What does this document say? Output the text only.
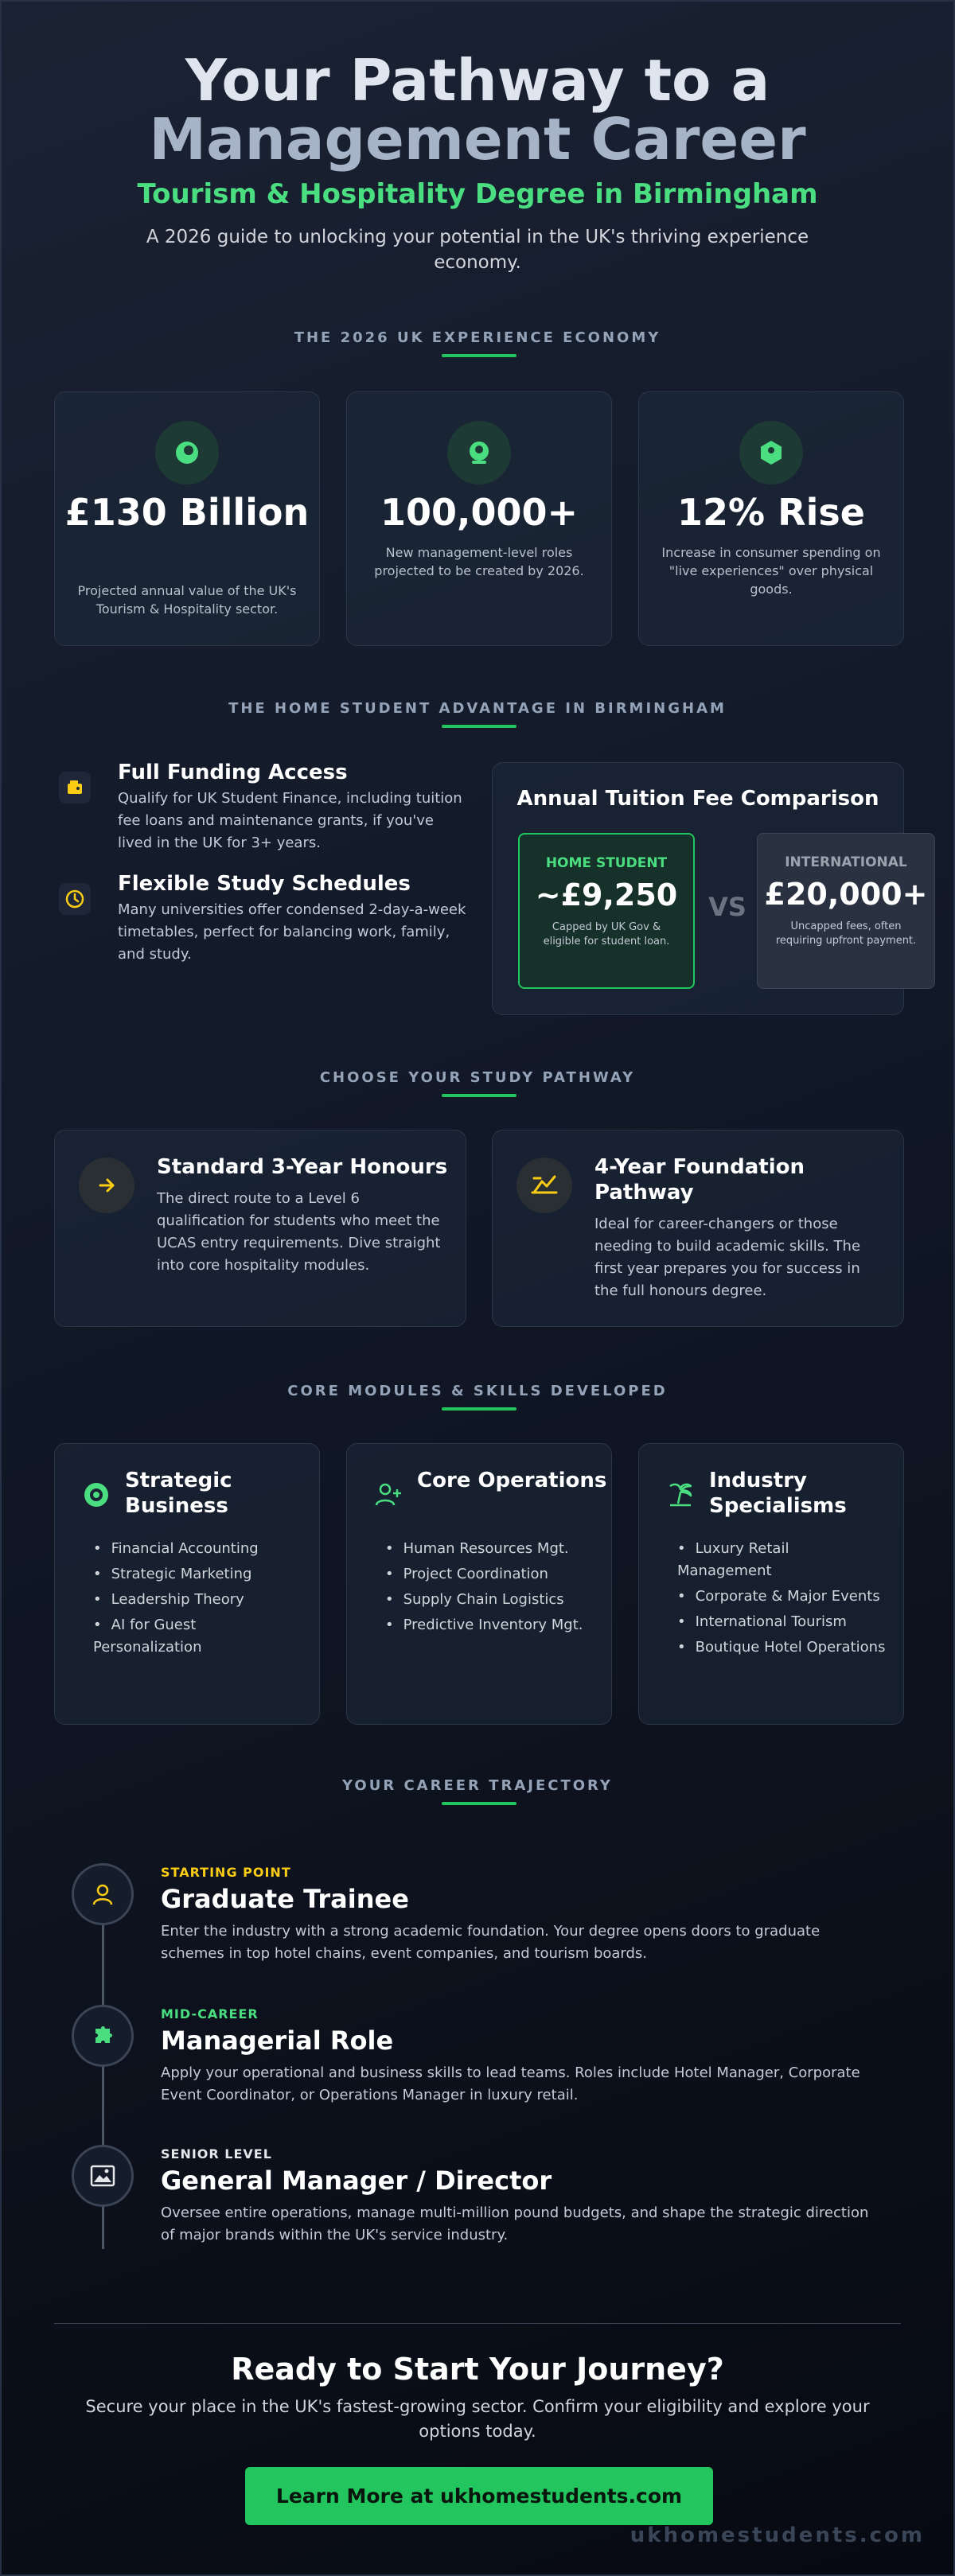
Your Pathway to a
Management Career
Tourism & Hospitality Degree in Birmingham
A 2026 guide to unlocking your potential in the UK's thriving experience economy.
THE 2026 UK EXPERIENCE ECONOMY
£130 Billion
Projected annual value of the UK's Tourism & Hospitality sector.
100,000+
New management-level roles projected to be created by 2026.
12% Rise
Increase in consumer spending on "live experiences" over physical goods.
THE HOME STUDENT ADVANTAGE IN BIRMINGHAM
Full Funding Access
Qualify for UK Student Finance, including tuition fee loans and maintenance grants, if you've lived in the UK for 3+ years.
Flexible Study Schedules
Many universities offer condensed 2-day-a-week timetables, perfect for balancing work, family, and study.
Annual Tuition Fee Comparison
HOME STUDENT
~£9,250
Capped by UK Gov & eligible for student loan.
VS
INTERNATIONAL
£20,000+
Uncapped fees, often requiring upfront payment.
CHOOSE YOUR STUDY PATHWAY
Standard 3-Year Honours
The direct route to a Level 6 qualification for students who meet the UCAS entry requirements. Dive straight into core hospitality modules.
4-Year Foundation Pathway
Ideal for career-changers or those needing to build academic skills. The first year prepares you for success in the full honours degree.
CORE MODULES & SKILLS DEVELOPED
Strategic Business
• Financial Accounting
• Strategic Marketing
• Leadership Theory
• AI for Guest Personalization
Core Operations
• Human Resources Mgt.
• Project Coordination
• Supply Chain Logistics
• Predictive Inventory Mgt.
Industry Specialisms
• Luxury Retail Management
• Corporate & Major Events
• International Tourism
• Boutique Hotel Operations
YOUR CAREER TRAJECTORY
STARTING POINT
Graduate Trainee
Enter the industry with a strong academic foundation. Your degree opens doors to graduate schemes in top hotel chains, event companies, and tourism boards.
MID-CAREER
Managerial Role
Apply your operational and business skills to lead teams. Roles include Hotel Manager, Corporate Event Coordinator, or Operations Manager in luxury retail.
SENIOR LEVEL
General Manager / Director
Oversee entire operations, manage multi-million pound budgets, and shape the strategic direction of major brands within the UK's service industry.
Ready to Start Your Journey?
Secure your place in the UK's fastest-growing sector. Confirm your eligibility and explore your options today.
Learn More at ukhomestudents.com
ukhomestudents.com
